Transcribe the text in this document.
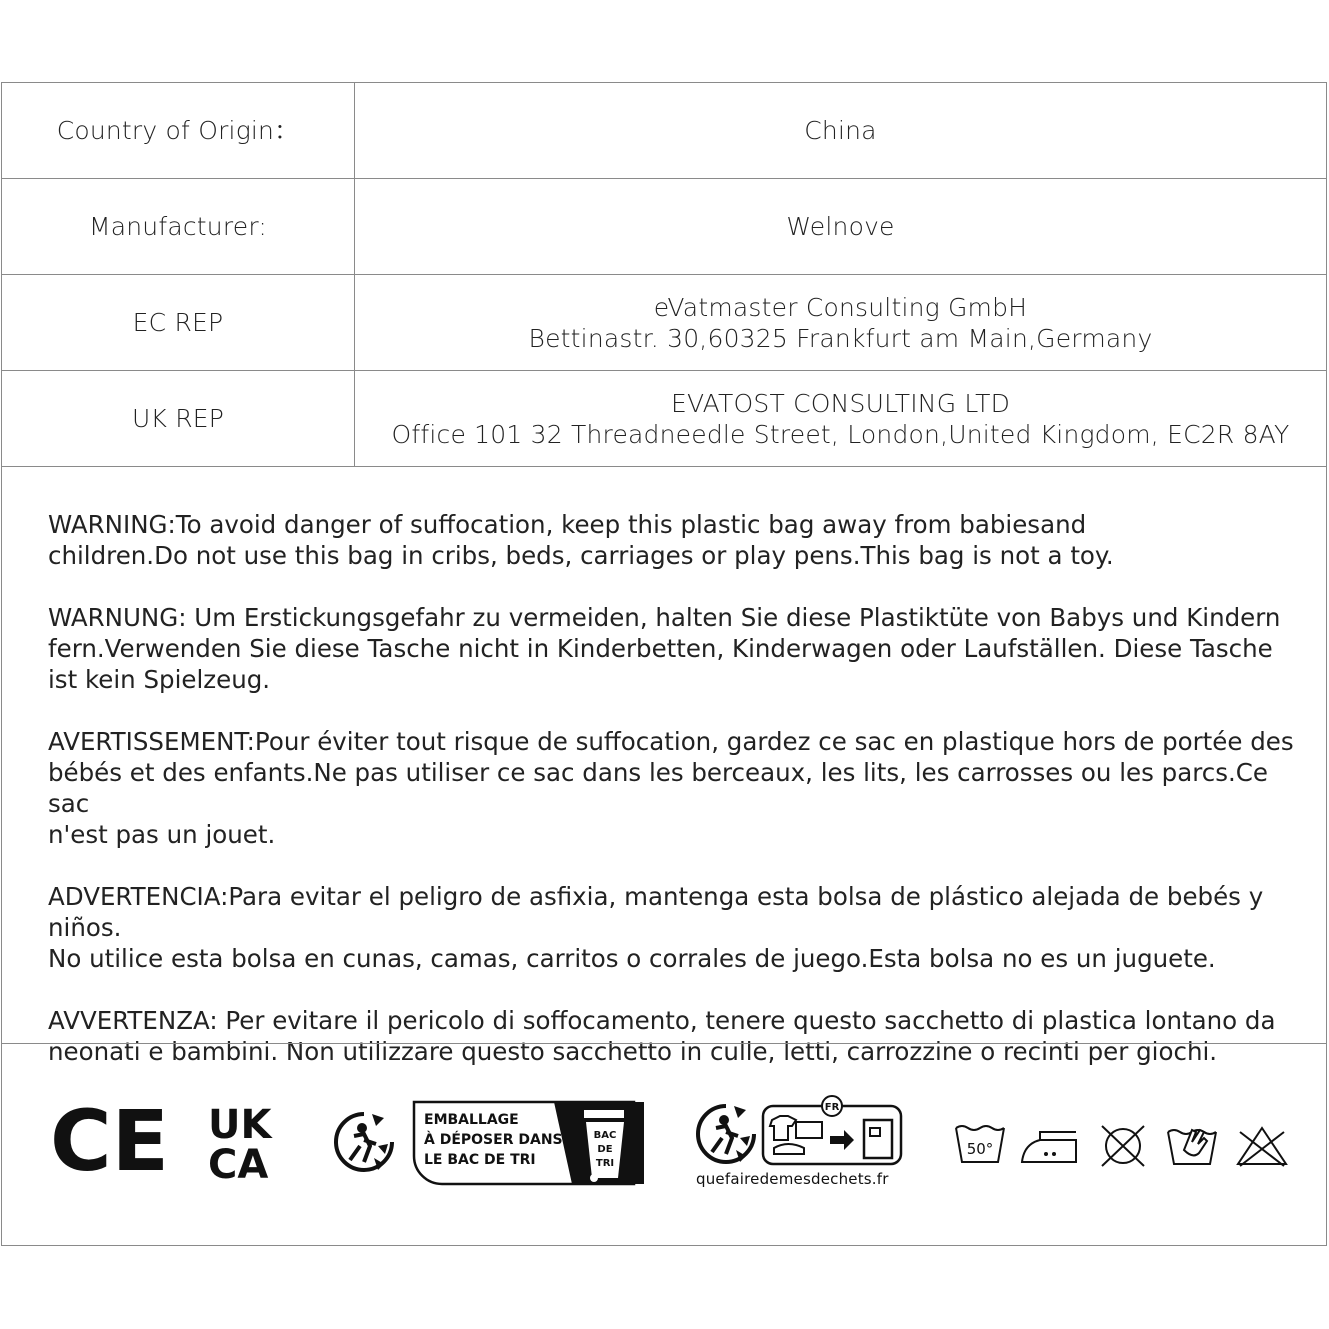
Country of Origin：	China

Manufacturer:	Welnove

EC REP	eVatmaster Consulting GmbH
Bettinastr. 30,60325 Frankfurt am Main,Germany

UK REP	EVATOST CONSULTING LTD
Office 101 32 Threadneedle Street, London,United Kingdom, EC2R 8AY

WARNING:To avoid danger of suffocation, keep this plastic bag away from babiesand
children.Do not use this bag in cribs, beds, carriages or play pens.This bag is not a toy.

WARNUNG: Um Erstickungsgefahr zu vermeiden, halten Sie diese Plastiktüte von Babys und Kindern
fern.Verwenden Sie diese Tasche nicht in Kinderbetten, Kinderwagen oder Laufställen. Diese Tasche
ist kein Spielzeug.

AVERTISSEMENT:Pour éviter tout risque de suffocation, gardez ce sac en plastique hors de portée des
bébés et des enfants.Ne pas utiliser ce sac dans les berceaux, les lits, les carrosses ou les parcs.Ce sac
n'est pas un jouet.

ADVERTENCIA:Para evitar el peligro de asfixia, mantenga esta bolsa de plástico alejada de bebés y niños.
No utilice esta bolsa en cunas, camas, carritos o corrales de juego.Esta bolsa no es un juguete.

AVVERTENZA: Per evitare il pericolo di soffocamento, tenere questo sacchetto di plastica lontano da
neonati e bambini. Non utilizzare questo sacchetto in culle, letti, carrozzine o recinti per giochi.

CE UK
CA
EMBALLAGE
À DÉPOSER DANS
LE BAC DE TRI
BAC
DE
TRI
FR
quefairedemesdechets.fr
50°
